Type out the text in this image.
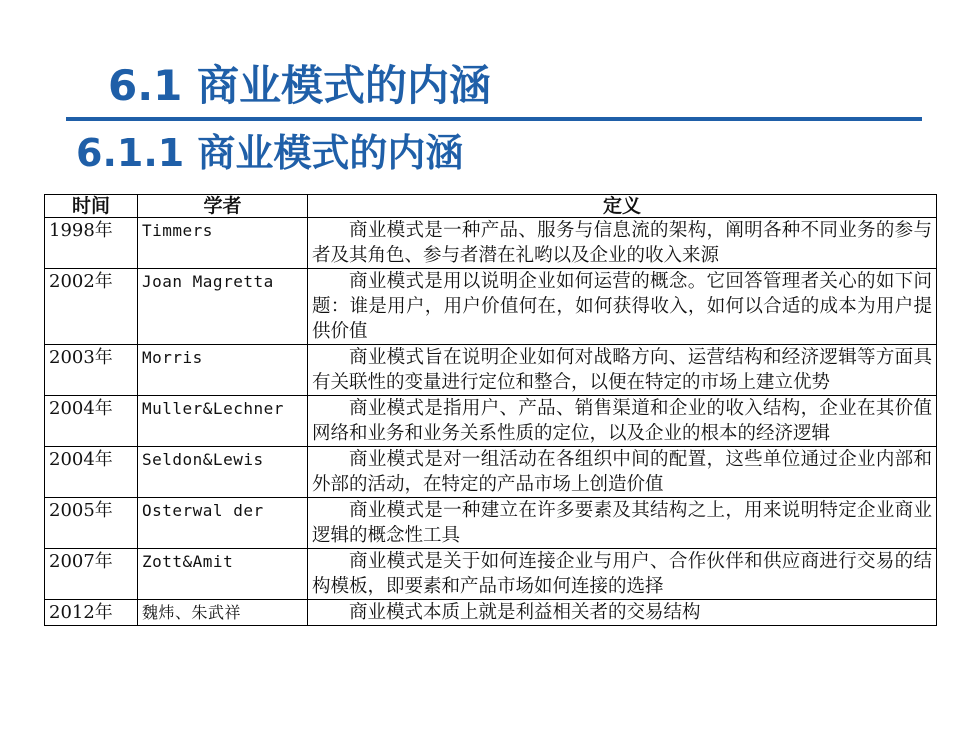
6.1 商业模式的内涵
6.1.1 商业模式的内涵
时间	学者	定义
1998年	Timmers	商业模式是一种产品、服务与信息流的架构，阐明各种不同业务的参与者及其角色、参与者潜在礼哟以及企业的收入来源
2002年	Joan Magretta	商业模式是用以说明企业如何运营的概念。它回答管理者关心的如下问题：谁是用户，用户价值何在，如何获得收入，如何以合适的成本为用户提供价值
2003年	Morris	商业模式旨在说明企业如何对战略方向、运营结构和经济逻辑等方面具有关联性的变量进行定位和整合，以便在特定的市场上建立优势
2004年	Muller&Lechner	商业模式是指用户、产品、销售渠道和企业的收入结构，企业在其价值网络和业务和业务关系性质的定位，以及企业的根本的经济逻辑
2004年	Seldon&Lewis	商业模式是对一组活动在各组织中间的配置，这些单位通过企业内部和外部的活动，在特定的产品市场上创造价值
2005年	Osterwal der	商业模式是一种建立在许多要素及其结构之上，用来说明特定企业商业逻辑的概念性工具
2007年	Zott&Amit	商业模式是关于如何连接企业与用户、合作伙伴和供应商进行交易的结构模板，即要素和产品市场如何连接的选择
2012年	魏炜、朱武祥	商业模式本质上就是利益相关者的交易结构
